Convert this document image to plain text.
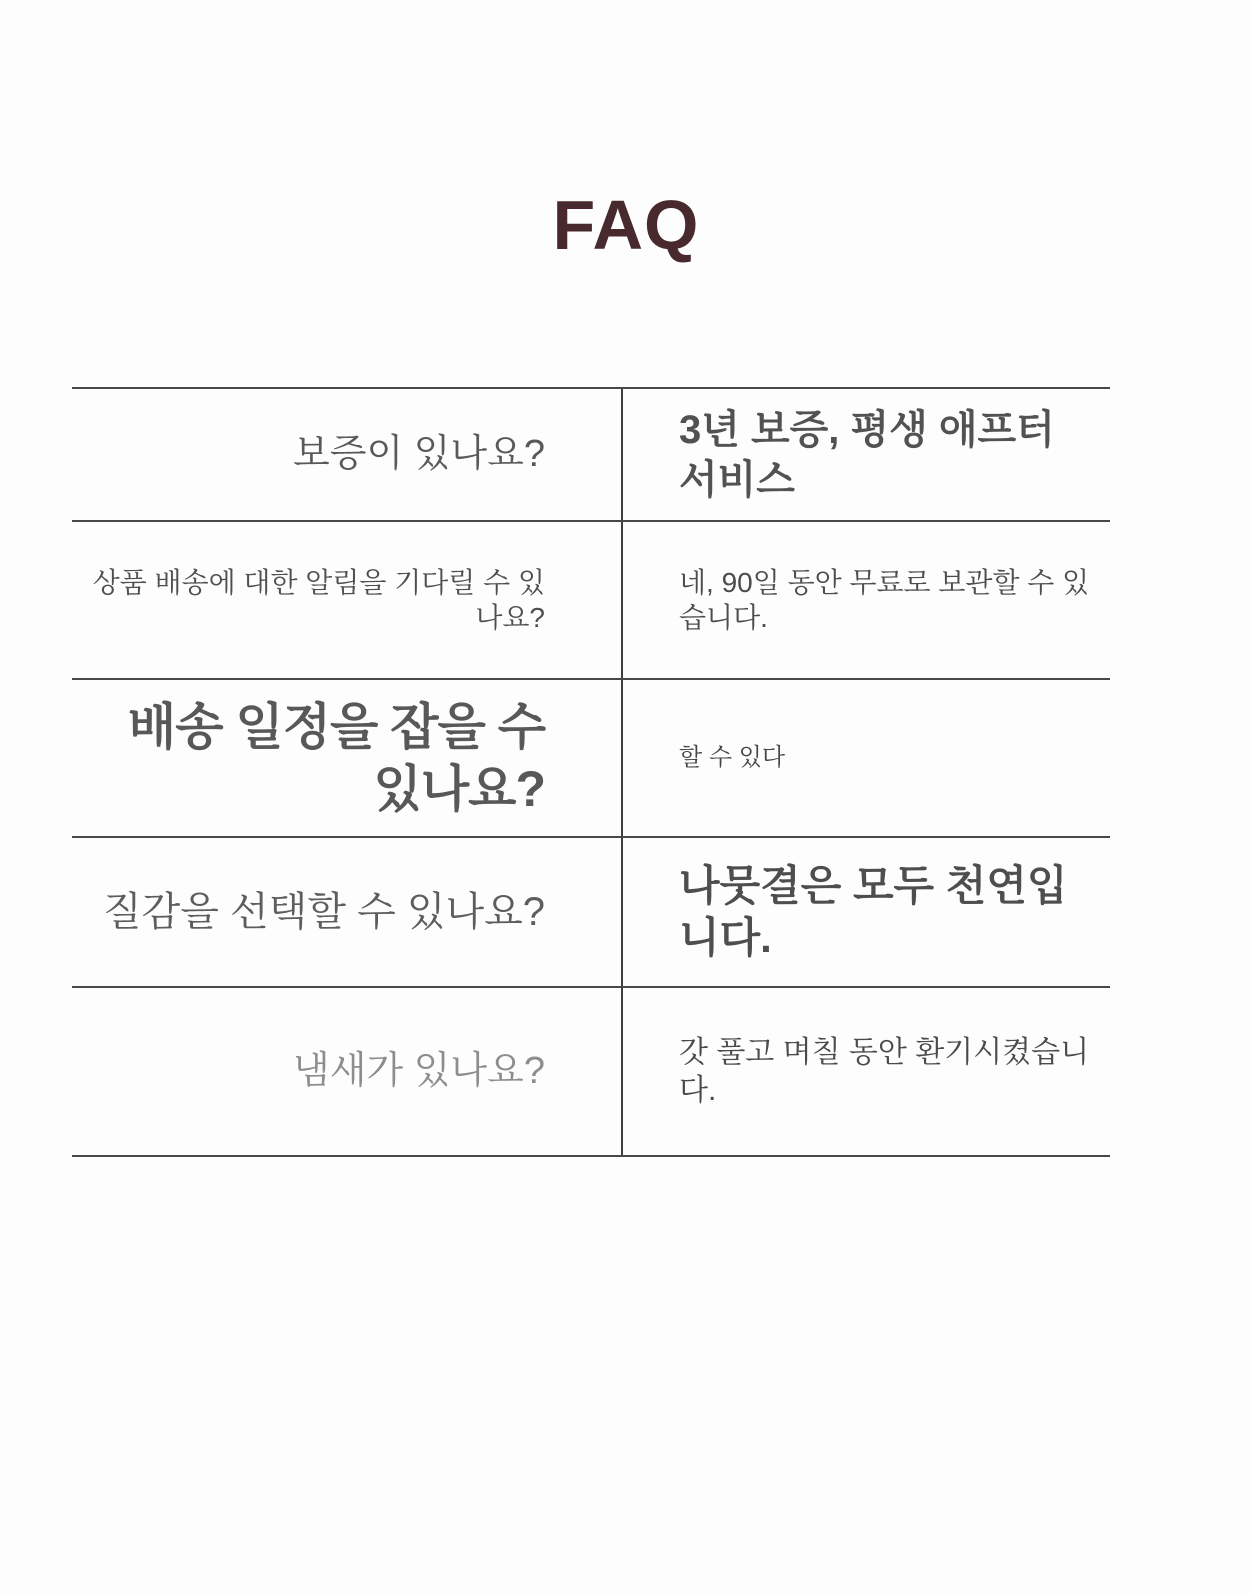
FAQ
보증이 있나요?
3년 보증, 평생 애프터 서비스
상품 배송에 대한 알림을 기다릴 수 있나요?
네, 90일 동안 무료로 보관할 수 있습니다.
배송 일정을 잡을 수 있나요?
할 수 있다
질감을 선택할 수 있나요?
나뭇결은 모두 천연입니다.
냄새가 있나요?	갓 풀고 며칠 동안 환기시켰습니다.
